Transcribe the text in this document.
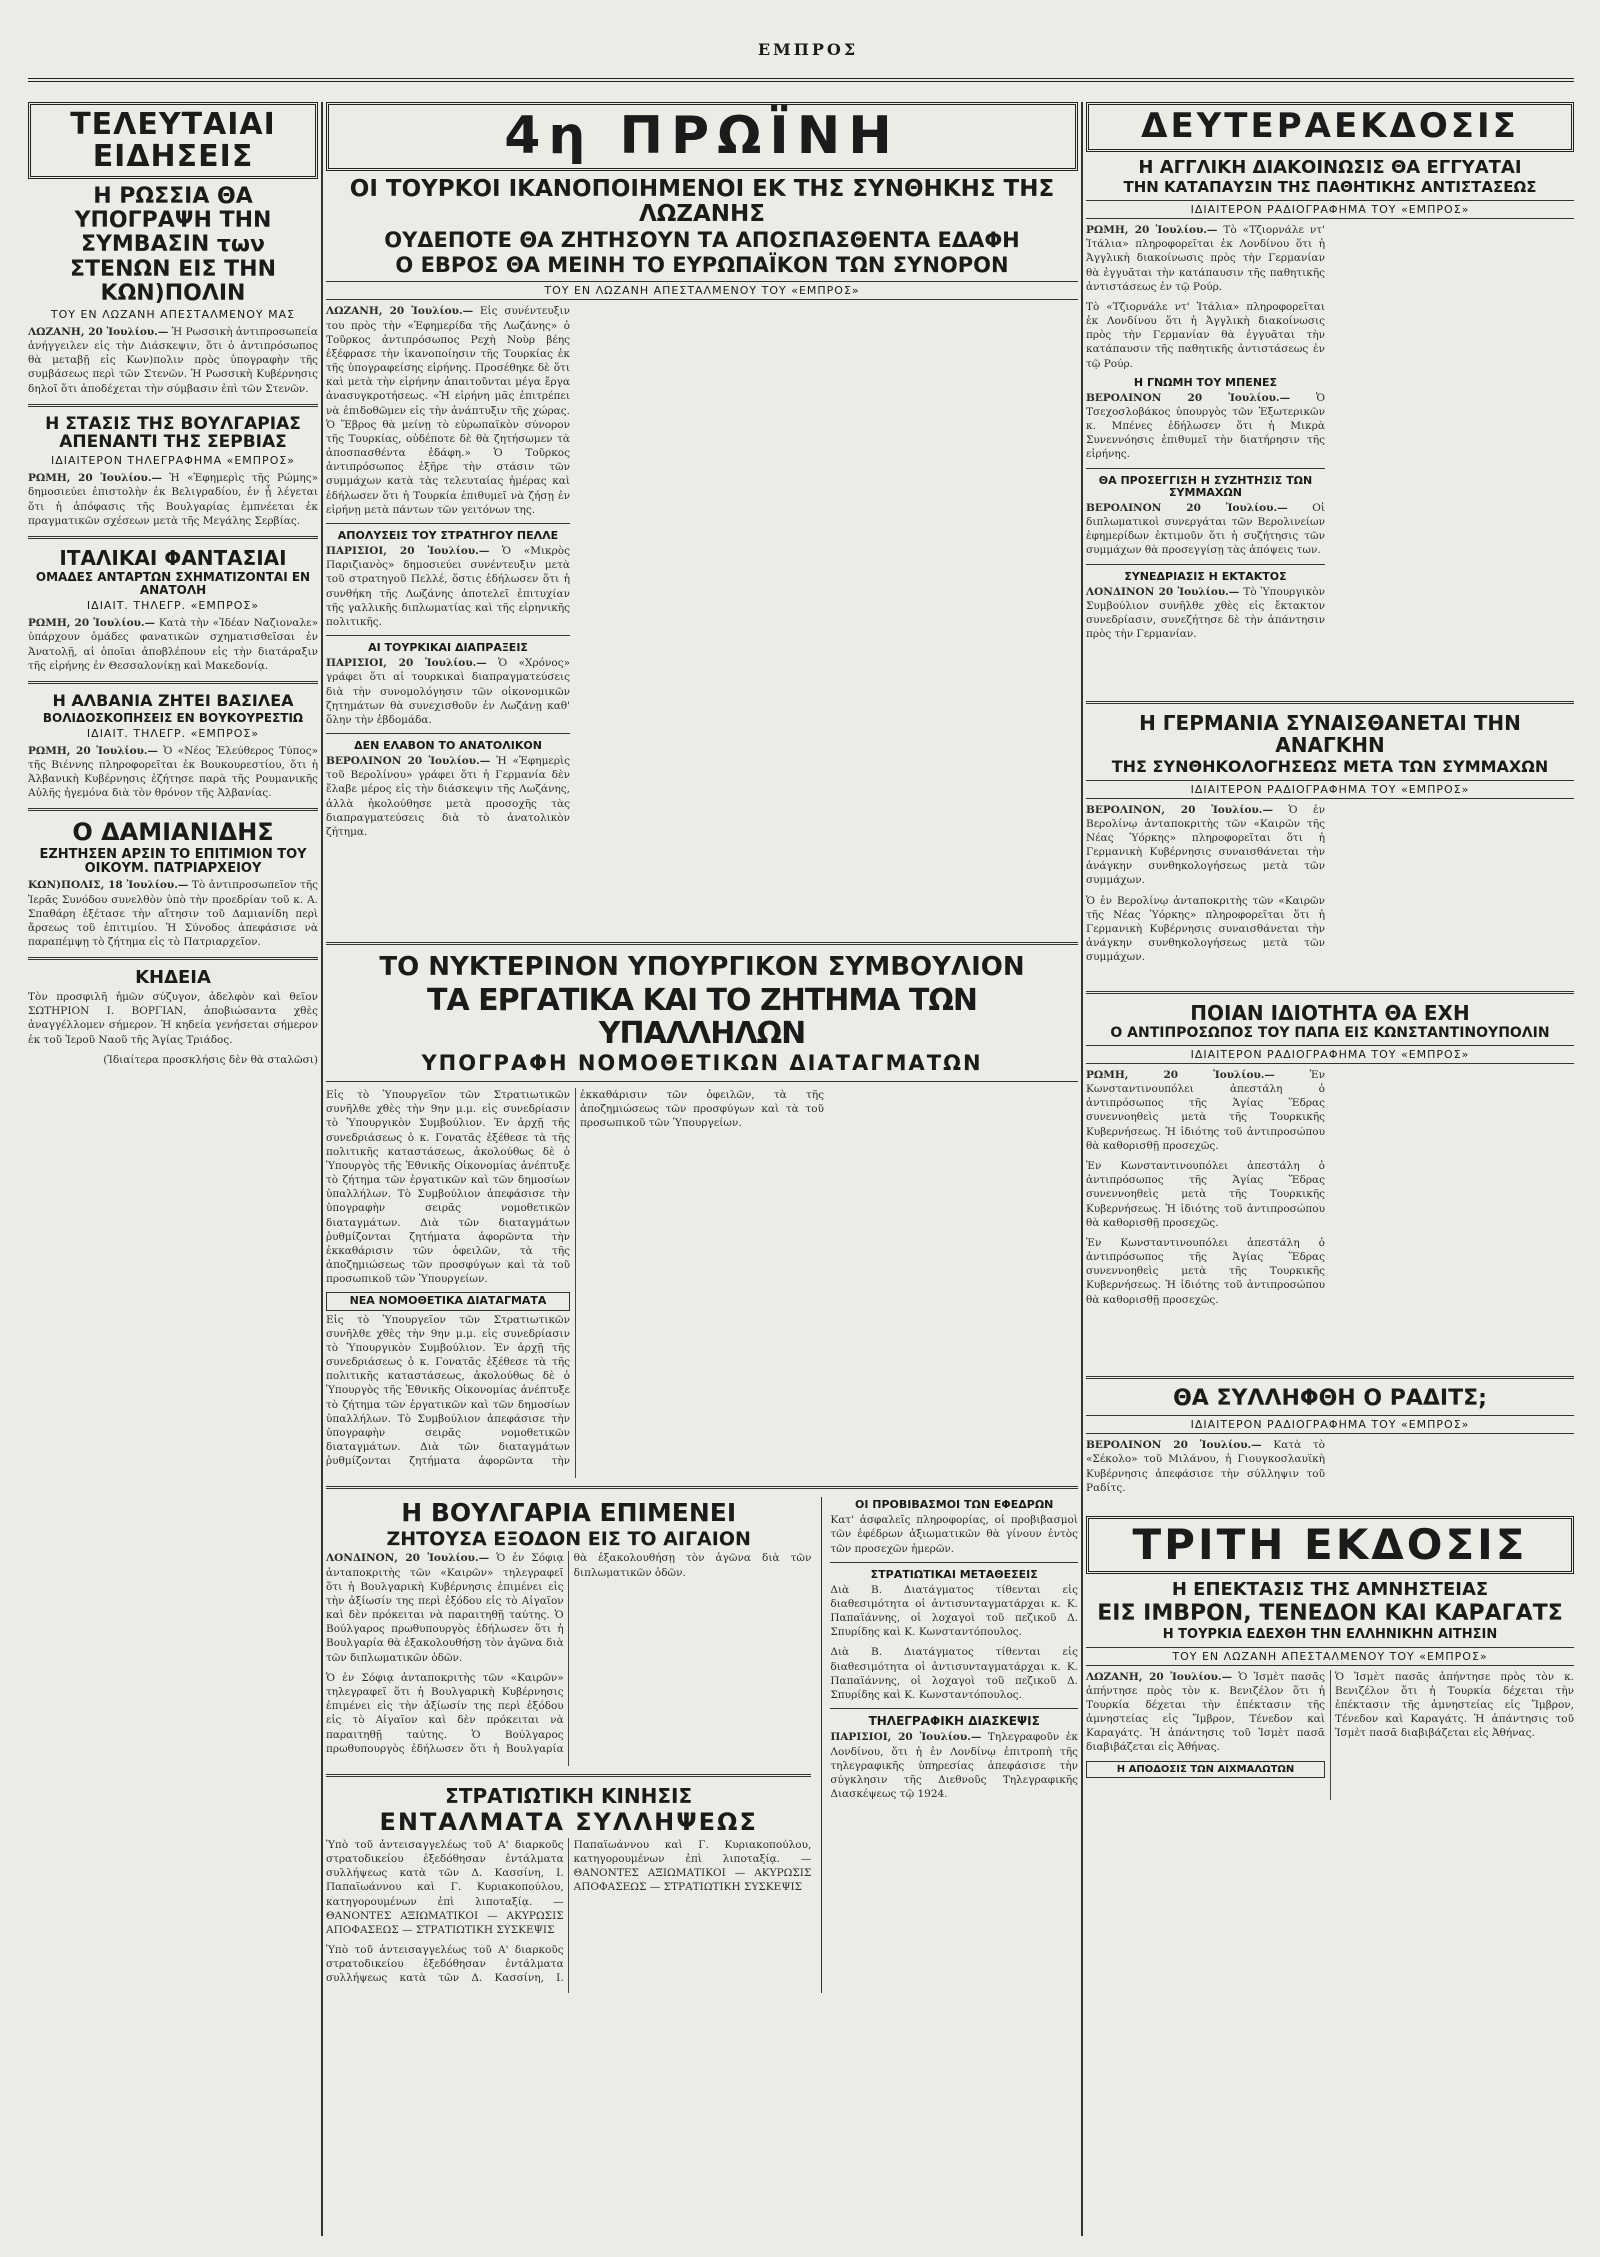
ΕΜΠΡΟΣ
ΤΕΛΕΥΤΑΙΑΙ ΕΙΔΗΣΕΙΣ
Η ΡΩΣΣΙΑ ΘΑ ΥΠΟΓΡΑΨΗ ΤΗΝ ΣΥΜΒΑΣΙΝ των ΣΤΕΝΩΝ ΕΙΣ ΤΗΝ ΚΩΝ)ΠΟΛΙΝ
ΤΟΥ ΕΝ ΛΩΖΑΝΗ ΑΠΕΣΤΑΛΜΕΝΟΥ ΜΑΣ

ΛΩΖΑΝΗ, 20 Ἰουλίου.— Ἡ Ρωσσικὴ ἀντιπροσωπεία ἀνήγγειλεν εἰς τὴν Διάσκεψιν, ὅτι ὁ ἀντιπρόσωπος θὰ μεταβῇ εἰς Κων)πολιν πρὸς ὑπογραφὴν τῆς συμβάσεως περὶ τῶν Στενῶν. Ἡ Ρωσσικὴ Κυβέρνησις δηλοῖ ὅτι ἀποδέχεται τὴν σύμβασιν ἐπὶ τῶν Στενῶν.

Η ΣΤΑΣΙΣ ΤΗΣ ΒΟΥΛΓΑΡΙΑΣ ΑΠΕΝΑΝΤΙ ΤΗΣ ΣΕΡΒΙΑΣ
ΙΔΙΑΙΤΕΡΟΝ ΤΗΛΕΓΡΑΦΗΜΑ «ΕΜΠΡΟΣ»

ΡΩΜΗ, 20 Ἰουλίου.— Ἡ «Ἐφημερὶς τῆς Ρώμης» δημοσιεύει ἐπιστολὴν ἐκ Βελιγραδίου, ἐν ᾗ λέγεται ὅτι ἡ ἀπόφασις τῆς Βουλγαρίας ἐμπνέεται ἐκ πραγματικῶν σχέσεων μετὰ τῆς Μεγάλης Σερβίας.

ΙΤΑΛΙΚΑΙ ΦΑΝΤΑΣΙΑΙ
ΟΜΑΔΕΣ ΑΝΤΑΡΤΩΝ ΣΧΗΜΑΤΙΖΟΝΤΑΙ ΕΝ ΑΝΑΤΟΛΗ
ΙΔΙΑΙΤ. ΤΗΛΕΓΡ. «ΕΜΠΡΟΣ»

ΡΩΜΗ, 20 Ἰουλίου.— Κατὰ τὴν «Ἰδέαν Ναζιοναλε» ὑπάρχουν ὁμάδες φανατικῶν σχηματισθεῖσαι ἐν Ἀνατολῇ, αἱ ὁποῖαι ἀποβλέπουν εἰς τὴν διατάραξιν τῆς εἰρήνης ἐν Θεσσαλονίκῃ καὶ Μακεδονίᾳ.

Η ΑΛΒΑΝΙΑ ΖΗΤΕΙ ΒΑΣΙΛΕΑ
ΒΟΛΙΔΟΣΚΟΠΗΣΕΙΣ ΕΝ ΒΟΥΚΟΥΡΕΣΤΙΩ
ΙΔΙΑΙΤ. ΤΗΛΕΓΡ. «ΕΜΠΡΟΣ»

ΡΩΜΗ, 20 Ἰουλίου.— Ὁ «Νέος Ἐλεύθερος Τύπος» τῆς Βιέννης πληροφορεῖται ἐκ Βουκουρεστίου, ὅτι ἡ Ἀλβανικὴ Κυβέρνησις ἐζήτησε παρὰ τῆς Ρουμανικῆς Αὐλῆς ἡγεμόνα διὰ τὸν θρόνον τῆς Ἀλβανίας.

Ο ΔΑΜΙΑΝΙΔΗΣ
ΕΖΗΤΗΣΕΝ ΑΡΣΙΝ ΤΟ ΕΠΙΤΙΜΙΟΝ ΤΟΥ ΟΙΚΟΥΜ. ΠΑΤΡΙΑΡΧΕΙΟΥ

ΚΩΝ)ΠΟΛΙΣ, 18 Ἰουλίου.— Τὸ ἀντιπροσωπεῖον τῆς Ἱερᾶς Συνόδου συνελθὸν ὑπὸ τὴν προεδρίαν τοῦ κ. Α. Σπαθάρη ἐξέτασε τὴν αἴτησιν τοῦ Δαμιανίδη περὶ ἄρσεως τοῦ ἐπιτιμίου. Ἡ Σύνοδος ἀπεφάσισε νὰ παραπέμψῃ τὸ ζήτημα εἰς τὸ Πατριαρχεῖον.

ΚΗΔΕΙΑ

Τὸν προσφιλῆ ἡμῶν σύζυγον, ἀδελφὸν καὶ θεῖον ΣΩΤΗΡΙΟΝ Ι. ΒΟΡΓΙΑΝ, ἀποβιώσαντα χθὲς ἀναγγέλλομεν σήμερον. Ἡ κηδεία γενήσεται σήμερον ἐκ τοῦ Ἱεροῦ Ναοῦ τῆς Ἁγίας Τριάδος.

(Ἰδιαίτερα προσκλήσις δὲν θὰ σταλῶσι)

4η ΠΡΩΪΝΗ
ΟΙ ΤΟΥΡΚΟΙ ΙΚΑΝΟΠΟΙΗΜΕΝΟΙ ΕΚ ΤΗΣ ΣΥΝΘΗΚΗΣ ΤΗΣ ΛΩΖΑΝΗΣ
ΟΥΔΕΠΟΤΕ ΘΑ ΖΗΤΗΣΟΥΝ ΤΑ ΑΠΟΣΠΑΣΘΕΝΤΑ ΕΔΑΦΗ
Ο ΕΒΡΟΣ ΘΑ ΜΕΙΝΗ ΤΟ ΕΥΡΩΠΑΪΚΟΝ ΤΩΝ ΣΥΝΟΡΟΝ
ΤΟΥ ΕΝ ΛΩΖΑΝΗ ΑΠΕΣΤΑΛΜΕΝΟΥ ΤΟΥ «ΕΜΠΡΟΣ»

ΛΩΖΑΝΗ, 20 Ἰουλίου.— Εἰς συνέντευξιν του πρὸς τὴν «Ἐφημερίδα τῆς Λωζάνης» ὁ Τοῦρκος ἀντιπρόσωπος Ρεχὴ Νοὺρ βέης ἐξέφρασε τὴν ἱκανοποίησιν τῆς Τουρκίας ἐκ τῆς ὑπογραφείσης εἰρήνης. Προσέθηκε δὲ ὅτι καὶ μετὰ τὴν εἰρήνην ἀπαιτοῦνται μέγα ἔργα ἀνασυγκροτήσεως. «Ἡ εἰρήνη μᾶς ἐπιτρέπει νὰ ἐπιδοθῶμεν εἰς τὴν ἀνάπτυξιν τῆς χώρας. Ὁ Ἕβρος θὰ μείνῃ τὸ εὐρωπαϊκὸν σύνορον τῆς Τουρκίας, οὐδέποτε δὲ θὰ ζητήσωμεν τὰ ἀποσπασθέντα ἐδάφη.» Ὁ Τοῦρκος ἀντιπρόσωπος ἐξῆρε τὴν στάσιν τῶν συμμάχων κατὰ τὰς τελευταίας ἡμέρας καὶ ἐδήλωσεν ὅτι ἡ Τουρκία ἐπιθυμεῖ νὰ ζήσῃ ἐν εἰρήνῃ μετὰ πάντων τῶν γειτόνων της.

ΑΠΟΛΥΣΕΙΣ ΤΟΥ ΣΤΡΑΤΗΓΟΥ ΠΕΛΛΕ

ΠΑΡΙΣΙΟΙ, 20 Ἰουλίου.— Ὁ «Μικρὸς Παριζιανὸς» δημοσιεύει συνέντευξιν μετὰ τοῦ στρατηγοῦ Πελλέ, ὅστις ἐδήλωσεν ὅτι ἡ συνθήκη τῆς Λωζάνης ἀποτελεῖ ἐπιτυχίαν τῆς γαλλικῆς διπλωματίας καὶ τῆς εἰρηνικῆς πολιτικῆς.

ΑΙ ΤΟΥΡΚΙΚΑΙ ΔΙΑΠΡΑΞΕΙΣ

ΠΑΡΙΣΙΟΙ, 20 Ἰουλίου.— Ὁ «Χρόνος» γράφει ὅτι αἱ τουρκικαὶ διαπραγματεύσεις διὰ τὴν συνομολόγησιν τῶν οἰκονομικῶν ζητημάτων θὰ συνεχισθοῦν ἐν Λωζάνῃ καθ' ὅλην τὴν ἑβδομάδα.

ΔΕΝ ΕΛΑΒΟΝ ΤΟ ΑΝΑΤΟΛΙΚΟΝ

ΒΕΡΟΛΙΝΟΝ 20 Ἰουλίου.— Ἡ «Ἐφημερὶς τοῦ Βερολίνου» γράφει ὅτι ἡ Γερμανία δὲν ἔλαβε μέρος εἰς τὴν διάσκεψιν τῆς Λωζάνης, ἀλλὰ ἠκολούθησε μετὰ προσοχῆς τὰς διαπραγματεύσεις διὰ τὸ ἀνατολικὸν ζήτημα.

ΤΟ ΝΥΚΤΕΡΙΝΟΝ ΥΠΟΥΡΓΙΚΟΝ ΣΥΜΒΟΥΛΙΟΝ
ΤΑ ΕΡΓΑΤΙΚΑ ΚΑΙ ΤΟ ΖΗΤΗΜΑ ΤΩΝ ΥΠΑΛΛΗΛΩΝ
ΥΠΟΓΡΑΦΗ ΝΟΜΟΘΕΤΙΚΩΝ ΔΙΑΤΑΓΜΑΤΩΝ

Εἰς τὸ Ὑπουργεῖον τῶν Στρατιωτικῶν συνῆλθε χθὲς τὴν 9ην μ.μ. εἰς συνεδρίασιν τὸ Ὑπουργικὸν Συμβούλιον. Ἐν ἀρχῇ τῆς συνεδριάσεως ὁ κ. Γονατᾶς ἐξέθεσε τὰ τῆς πολιτικῆς καταστάσεως, ἀκολούθως δὲ ὁ Ὑπουργὸς τῆς Ἐθνικῆς Οἰκονομίας ἀνέπτυξε τὸ ζήτημα τῶν ἐργατικῶν καὶ τῶν δημοσίων ὑπαλλήλων. Τὸ Συμβούλιον ἀπεφάσισε τὴν ὑπογραφὴν σειρᾶς νομοθετικῶν διαταγμάτων. Διὰ τῶν διαταγμάτων ῥυθμίζονται ζητήματα ἀφορῶντα τὴν ἐκκαθάρισιν τῶν ὀφειλῶν, τὰ τῆς ἀποζημιώσεως τῶν προσφύγων καὶ τὰ τοῦ προσωπικοῦ τῶν Ὑπουργείων.

ΝΕΑ ΝΟΜΟΘΕΤΙΚΑ ΔΙΑΤΑΓΜΑΤΑ

Εἰς τὸ Ὑπουργεῖον τῶν Στρατιωτικῶν συνῆλθε χθὲς τὴν 9ην μ.μ. εἰς συνεδρίασιν τὸ Ὑπουργικὸν Συμβούλιον. Ἐν ἀρχῇ τῆς συνεδριάσεως ὁ κ. Γονατᾶς ἐξέθεσε τὰ τῆς πολιτικῆς καταστάσεως, ἀκολούθως δὲ ὁ Ὑπουργὸς τῆς Ἐθνικῆς Οἰκονομίας ἀνέπτυξε τὸ ζήτημα τῶν ἐργατικῶν καὶ τῶν δημοσίων ὑπαλλήλων. Τὸ Συμβούλιον ἀπεφάσισε τὴν ὑπογραφὴν σειρᾶς νομοθετικῶν διαταγμάτων. Διὰ τῶν διαταγμάτων ῥυθμίζονται ζητήματα ἀφορῶντα τὴν ἐκκαθάρισιν τῶν ὀφειλῶν, τὰ τῆς ἀποζημιώσεως τῶν προσφύγων καὶ τὰ τοῦ προσωπικοῦ τῶν Ὑπουργείων.

Η ΒΟΥΛΓΑΡΙΑ ΕΠΙΜΕΝΕΙ
ΖΗΤΟΥΣΑ ΕΞΟΔΟΝ ΕΙΣ ΤΟ ΑΙΓΑΙΟΝ

ΛΟΝΔΙΝΟΝ, 20 Ἰουλίου.— Ὁ ἐν Σόφιᾳ ἀνταποκριτὴς τῶν «Καιρῶν» τηλεγραφεῖ ὅτι ἡ Βουλγαρικὴ Κυβέρνησις ἐπιμένει εἰς τὴν ἀξίωσίν της περὶ ἐξόδου εἰς τὸ Αἰγαῖον καὶ δὲν πρόκειται νὰ παραιτηθῇ ταύτης. Ὁ Βούλγαρος πρωθυπουργὸς ἐδήλωσεν ὅτι ἡ Βουλγαρία θὰ ἐξακολουθήσῃ τὸν ἀγῶνα διὰ τῶν διπλωματικῶν ὁδῶν.

Ὁ ἐν Σόφιᾳ ἀνταποκριτὴς τῶν «Καιρῶν» τηλεγραφεῖ ὅτι ἡ Βουλγαρικὴ Κυβέρνησις ἐπιμένει εἰς τὴν ἀξίωσίν της περὶ ἐξόδου εἰς τὸ Αἰγαῖον καὶ δὲν πρόκειται νὰ παραιτηθῇ ταύτης. Ὁ Βούλγαρος πρωθυπουργὸς ἐδήλωσεν ὅτι ἡ Βουλγαρία θὰ ἐξακολουθήσῃ τὸν ἀγῶνα διὰ τῶν διπλωματικῶν ὁδῶν.

ΣΤΡΑΤΙΩΤΙΚΗ ΚΙΝΗΣΙΣ
ΕΝΤΑΛΜΑΤΑ ΣΥΛΛΗΨΕΩΣ

Ὑπὸ τοῦ ἀντεισαγγελέως τοῦ Α' διαρκοῦς στρατοδικείου ἐξεδόθησαν ἐντάλματα συλλήψεως κατὰ τῶν Δ. Κασσίνη, Ι. Παπαϊωάννου καὶ Γ. Κυριακοπούλου, κατηγορουμένων ἐπὶ λιποταξίᾳ. — ΘΑΝΟΝΤΕΣ ΑΞΙΩΜΑΤΙΚΟΙ — ΑΚΥΡΩΣΙΣ ΑΠΟΦΑΣΕΩΣ — ΣΤΡΑΤΙΩΤΙΚΗ ΣΥΣΚΕΨΙΣ

Ὑπὸ τοῦ ἀντεισαγγελέως τοῦ Α' διαρκοῦς στρατοδικείου ἐξεδόθησαν ἐντάλματα συλλήψεως κατὰ τῶν Δ. Κασσίνη, Ι. Παπαϊωάννου καὶ Γ. Κυριακοπούλου, κατηγορουμένων ἐπὶ λιποταξίᾳ. — ΘΑΝΟΝΤΕΣ ΑΞΙΩΜΑΤΙΚΟΙ — ΑΚΥΡΩΣΙΣ ΑΠΟΦΑΣΕΩΣ — ΣΤΡΑΤΙΩΤΙΚΗ ΣΥΣΚΕΨΙΣ

ΟΙ ΠΡΟΒΙΒΑΣΜΟΙ ΤΩΝ ΕΦΕΔΡΩΝ

Κατ' ἀσφαλεῖς πληροφορίας, οἱ προβιβασμοὶ τῶν ἐφέδρων ἀξιωματικῶν θὰ γίνουν ἐντὸς τῶν προσεχῶν ἡμερῶν.

ΣΤΡΑΤΙΩΤΙΚΑΙ ΜΕΤΑΘΕΣΕΙΣ

Διὰ Β. Διατάγματος τίθενται εἰς διαθεσιμότητα οἱ ἀντισυνταγματάρχαι κ. Κ. Παπαϊάννης, οἱ λοχαγοὶ τοῦ πεζικοῦ Δ. Σπυρίδης καὶ Κ. Κωνσταντόπουλος.

Διὰ Β. Διατάγματος τίθενται εἰς διαθεσιμότητα οἱ ἀντισυνταγματάρχαι κ. Κ. Παπαϊάννης, οἱ λοχαγοὶ τοῦ πεζικοῦ Δ. Σπυρίδης καὶ Κ. Κωνσταντόπουλος.

ΤΗΛΕΓΡΑΦΙΚΗ ΔΙΑΣΚΕΨΙΣ

ΠΑΡΙΣΙΟΙ, 20 Ἰουλίου.— Τηλεγραφοῦν ἐκ Λονδίνου, ὅτι ἡ ἐν Λονδίνῳ ἐπιτροπὴ τῆς τηλεγραφικῆς ὑπηρεσίας ἀπεφάσισε τὴν σύγκλησιν τῆς Διεθνοῦς Τηλεγραφικῆς Διασκέψεως τῷ 1924.

ΔΕΥΤΕΡΑΕΚΔΟΣΙΣ
Η ΑΓΓΛΙΚΗ ΔΙΑΚΟΙΝΩΣΙΣ ΘΑ ΕΓΓΥΑΤΑΙ
ΤΗΝ ΚΑΤΑΠΑΥΣΙΝ ΤΗΣ ΠΑΘΗΤΙΚΗΣ ΑΝΤΙΣΤΑΣΕΩΣ
ΙΔΙΑΙΤΕΡΟΝ ΡΑΔΙΟΓΡΑΦΗΜΑ ΤΟΥ «ΕΜΠΡΟΣ»

ΡΩΜΗ, 20 Ἰουλίου.— Τὸ «Τζιορνάλε ντ' Ἰτάλια» πληροφορεῖται ἐκ Λονδίνου ὅτι ἡ Ἀγγλικὴ διακοίνωσις πρὸς τὴν Γερμανίαν θὰ ἐγγυᾶται τὴν κατάπαυσιν τῆς παθητικῆς ἀντιστάσεως ἐν τῷ Ρούρ.

Τὸ «Τζιορνάλε ντ' Ἰτάλια» πληροφορεῖται ἐκ Λονδίνου ὅτι ἡ Ἀγγλικὴ διακοίνωσις πρὸς τὴν Γερμανίαν θὰ ἐγγυᾶται τὴν κατάπαυσιν τῆς παθητικῆς ἀντιστάσεως ἐν τῷ Ρούρ.

Η ΓΝΩΜΗ ΤΟΥ ΜΠΕΝΕΣ

ΒΕΡΟΛΙΝΟΝ 20 Ἰουλίου.— Ὁ Τσεχοσλοβάκος ὑπουργὸς τῶν Ἐξωτερικῶν κ. Μπένες ἐδήλωσεν ὅτι ἡ Μικρὰ Συνεννόησις ἐπιθυμεῖ τὴν διατήρησιν τῆς εἰρήνης.

ΘΑ ΠΡΟΣΕΓΓΙΣΗ Η ΣΥΖΗΤΗΣΙΣ ΤΩΝ ΣΥΜΜΑΧΩΝ

ΒΕΡΟΛΙΝΟΝ 20 Ἰουλίου.— Οἱ διπλωματικοὶ συνεργάται τῶν Βερολινείων ἐφημερίδων ἐκτιμοῦν ὅτι ἡ συζήτησις τῶν συμμάχων θὰ προσεγγίσῃ τὰς ἀπόψεις των.

ΣΥΝΕΔΡΙΑΣΙΣ Η ΕΚΤΑΚΤΟΣ

ΛΟΝΔΙΝΟΝ 20 Ἰουλίου.— Τὸ Ὑπουργικὸν Συμβούλιον συνῆλθε χθὲς εἰς ἔκτακτον συνεδρίασιν, συνεζήτησε δὲ τὴν ἀπάντησιν πρὸς τὴν Γερμανίαν.

Η ΓΕΡΜΑΝΙΑ ΣΥΝΑΙΣΘΑΝΕΤΑΙ ΤΗΝ ΑΝΑΓΚΗΝ
ΤΗΣ ΣΥΝΘΗΚΟΛΟΓΗΣΕΩΣ ΜΕΤΑ ΤΩΝ ΣΥΜΜΑΧΩΝ
ΙΔΙΑΙΤΕΡΟΝ ΡΑΔΙΟΓΡΑΦΗΜΑ ΤΟΥ «ΕΜΠΡΟΣ»

ΒΕΡΟΛΙΝΟΝ, 20 Ἰουλίου.— Ὁ ἐν Βερολίνῳ ἀνταποκριτὴς τῶν «Καιρῶν τῆς Νέας Ὑόρκης» πληροφορεῖται ὅτι ἡ Γερμανικὴ Κυβέρνησις συναισθάνεται τὴν ἀνάγκην συνθηκολογήσεως μετὰ τῶν συμμάχων.

Ὁ ἐν Βερολίνῳ ἀνταποκριτὴς τῶν «Καιρῶν τῆς Νέας Ὑόρκης» πληροφορεῖται ὅτι ἡ Γερμανικὴ Κυβέρνησις συναισθάνεται τὴν ἀνάγκην συνθηκολογήσεως μετὰ τῶν συμμάχων.

ΠΟΙΑΝ ΙΔΙΟΤΗΤΑ ΘΑ ΕΧΗ
Ο ΑΝΤΙΠΡΟΣΩΠΟΣ ΤΟΥ ΠΑΠΑ ΕΙΣ ΚΩΝΣΤΑΝΤΙΝΟΥΠΟΛΙΝ
ΙΔΙΑΙΤΕΡΟΝ ΡΑΔΙΟΓΡΑΦΗΜΑ ΤΟΥ «ΕΜΠΡΟΣ»

ΡΩΜΗ, 20 Ἰουλίου.—	Ἐν Κωνσταντινουπόλει ἀπεστάλη ὁ ἀντιπρόσωπος τῆς Ἁγίας Ἕδρας συνεννοηθεὶς μετὰ τῆς Τουρκικῆς Κυβερνήσεως. Ἡ ἰδιότης τοῦ ἀντιπροσώπου θὰ καθορισθῇ προσεχῶς.

Ἐν Κωνσταντινουπόλει ἀπεστάλη ὁ ἀντιπρόσωπος τῆς Ἁγίας Ἕδρας συνεννοηθεὶς μετὰ τῆς Τουρκικῆς Κυβερνήσεως. Ἡ ἰδιότης τοῦ ἀντιπροσώπου θὰ καθορισθῇ προσεχῶς.

Ἐν Κωνσταντινουπόλει ἀπεστάλη ὁ ἀντιπρόσωπος τῆς Ἁγίας Ἕδρας συνεννοηθεὶς μετὰ τῆς Τουρκικῆς Κυβερνήσεως. Ἡ ἰδιότης τοῦ ἀντιπροσώπου θὰ καθορισθῇ προσεχῶς.

ΘΑ ΣΥΛΛΗΦΘΗ Ο ΡΑΔΙΤΣ;
ΙΔΙΑΙΤΕΡΟΝ ΡΑΔΙΟΓΡΑΦΗΜΑ ΤΟΥ «ΕΜΠΡΟΣ»

ΒΕΡΟΛΙΝΟΝ 20 Ἰουλίου.— Κατὰ τὸ «Σέκολο» τοῦ Μιλάνου, ἡ Γιουγκοσλαυϊκὴ Κυβέρνησις ἀπεφάσισε τὴν σύλληψιν τοῦ Ραδίτς.

ΤΡΙΤΗ ΕΚΔΟΣΙΣ
Η ΕΠΕΚΤΑΣΙΣ ΤΗΣ ΑΜΝΗΣΤΕΙΑΣ
ΕΙΣ ΙΜΒΡΟΝ, ΤΕΝΕΔΟΝ ΚΑΙ ΚΑΡΑΓΑΤΣ
Η ΤΟΥΡΚΙΑ ΕΔΕΧΘΗ ΤΗΝ ΕΛΛΗΝΙΚΗΝ ΑΙΤΗΣΙΝ
ΤΟΥ ΕΝ ΛΩΖΑΝΗ ΑΠΕΣΤΑΛΜΕΝΟΥ ΤΟΥ «ΕΜΠΡΟΣ»

ΛΩΖΑΝΗ, 20 Ἰουλίου.— Ὁ Ἰσμὲτ πασᾶς ἀπήντησε πρὸς τὸν κ. Βενιζέλον ὅτι ἡ Τουρκία δέχεται τὴν ἐπέκτασιν τῆς ἀμνηστείας εἰς Ἴμβρον, Τένεδον καὶ Καραγάτς. Ἡ ἀπάντησις τοῦ Ἰσμὲτ πασᾶ διαβιβάζεται εἰς Ἀθήνας.

Η ΑΠΟΔΟΣΙΣ ΤΩΝ ΑΙΧΜΑΛΩΤΩΝ

Ὁ Ἰσμὲτ πασᾶς ἀπήντησε πρὸς τὸν κ. Βενιζέλον ὅτι ἡ Τουρκία δέχεται τὴν ἐπέκτασιν τῆς ἀμνηστείας εἰς Ἴμβρον, Τένεδον καὶ Καραγάτς. Ἡ ἀπάντησις τοῦ Ἰσμὲτ πασᾶ διαβιβάζεται εἰς Ἀθήνας.
